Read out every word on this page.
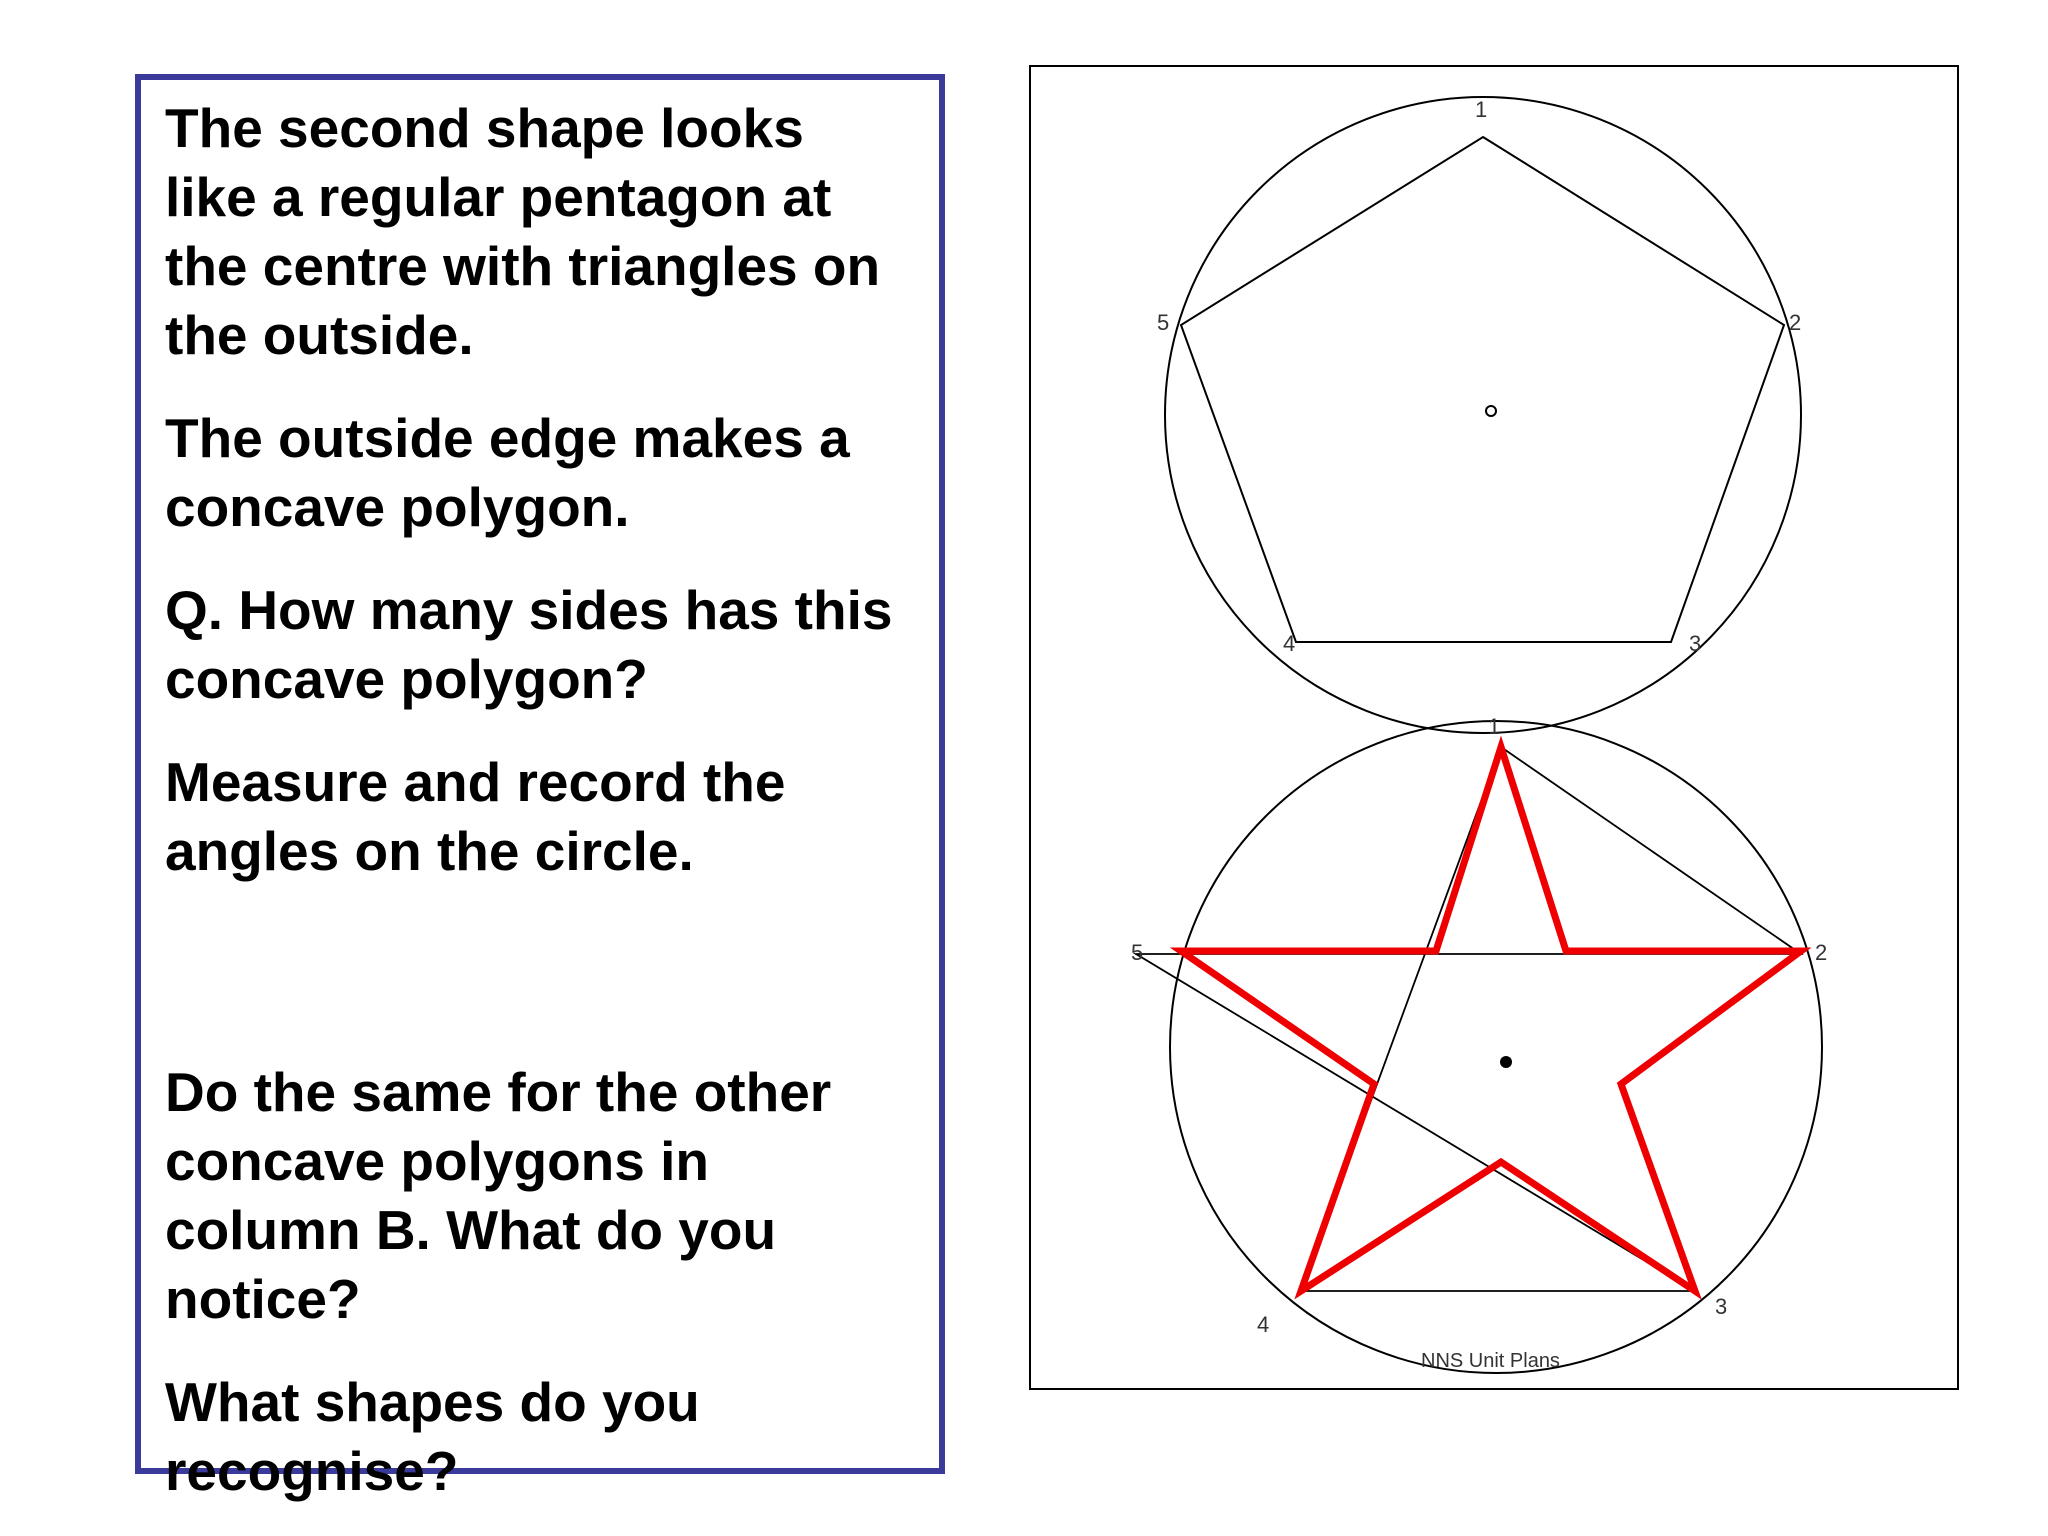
The second shape looks
like a regular pentagon at
the centre with triangles on
the outside.

The outside edge makes a
concave polygon.

Q. How many sides has this
concave polygon?

Measure and record the
angles on the circle.

Do the same for the other
concave polygons in
column B. What do you
notice?

What shapes do you
recognise?

1
2
3
4
5
1
2
3
4
5
NNS Unit Plans
